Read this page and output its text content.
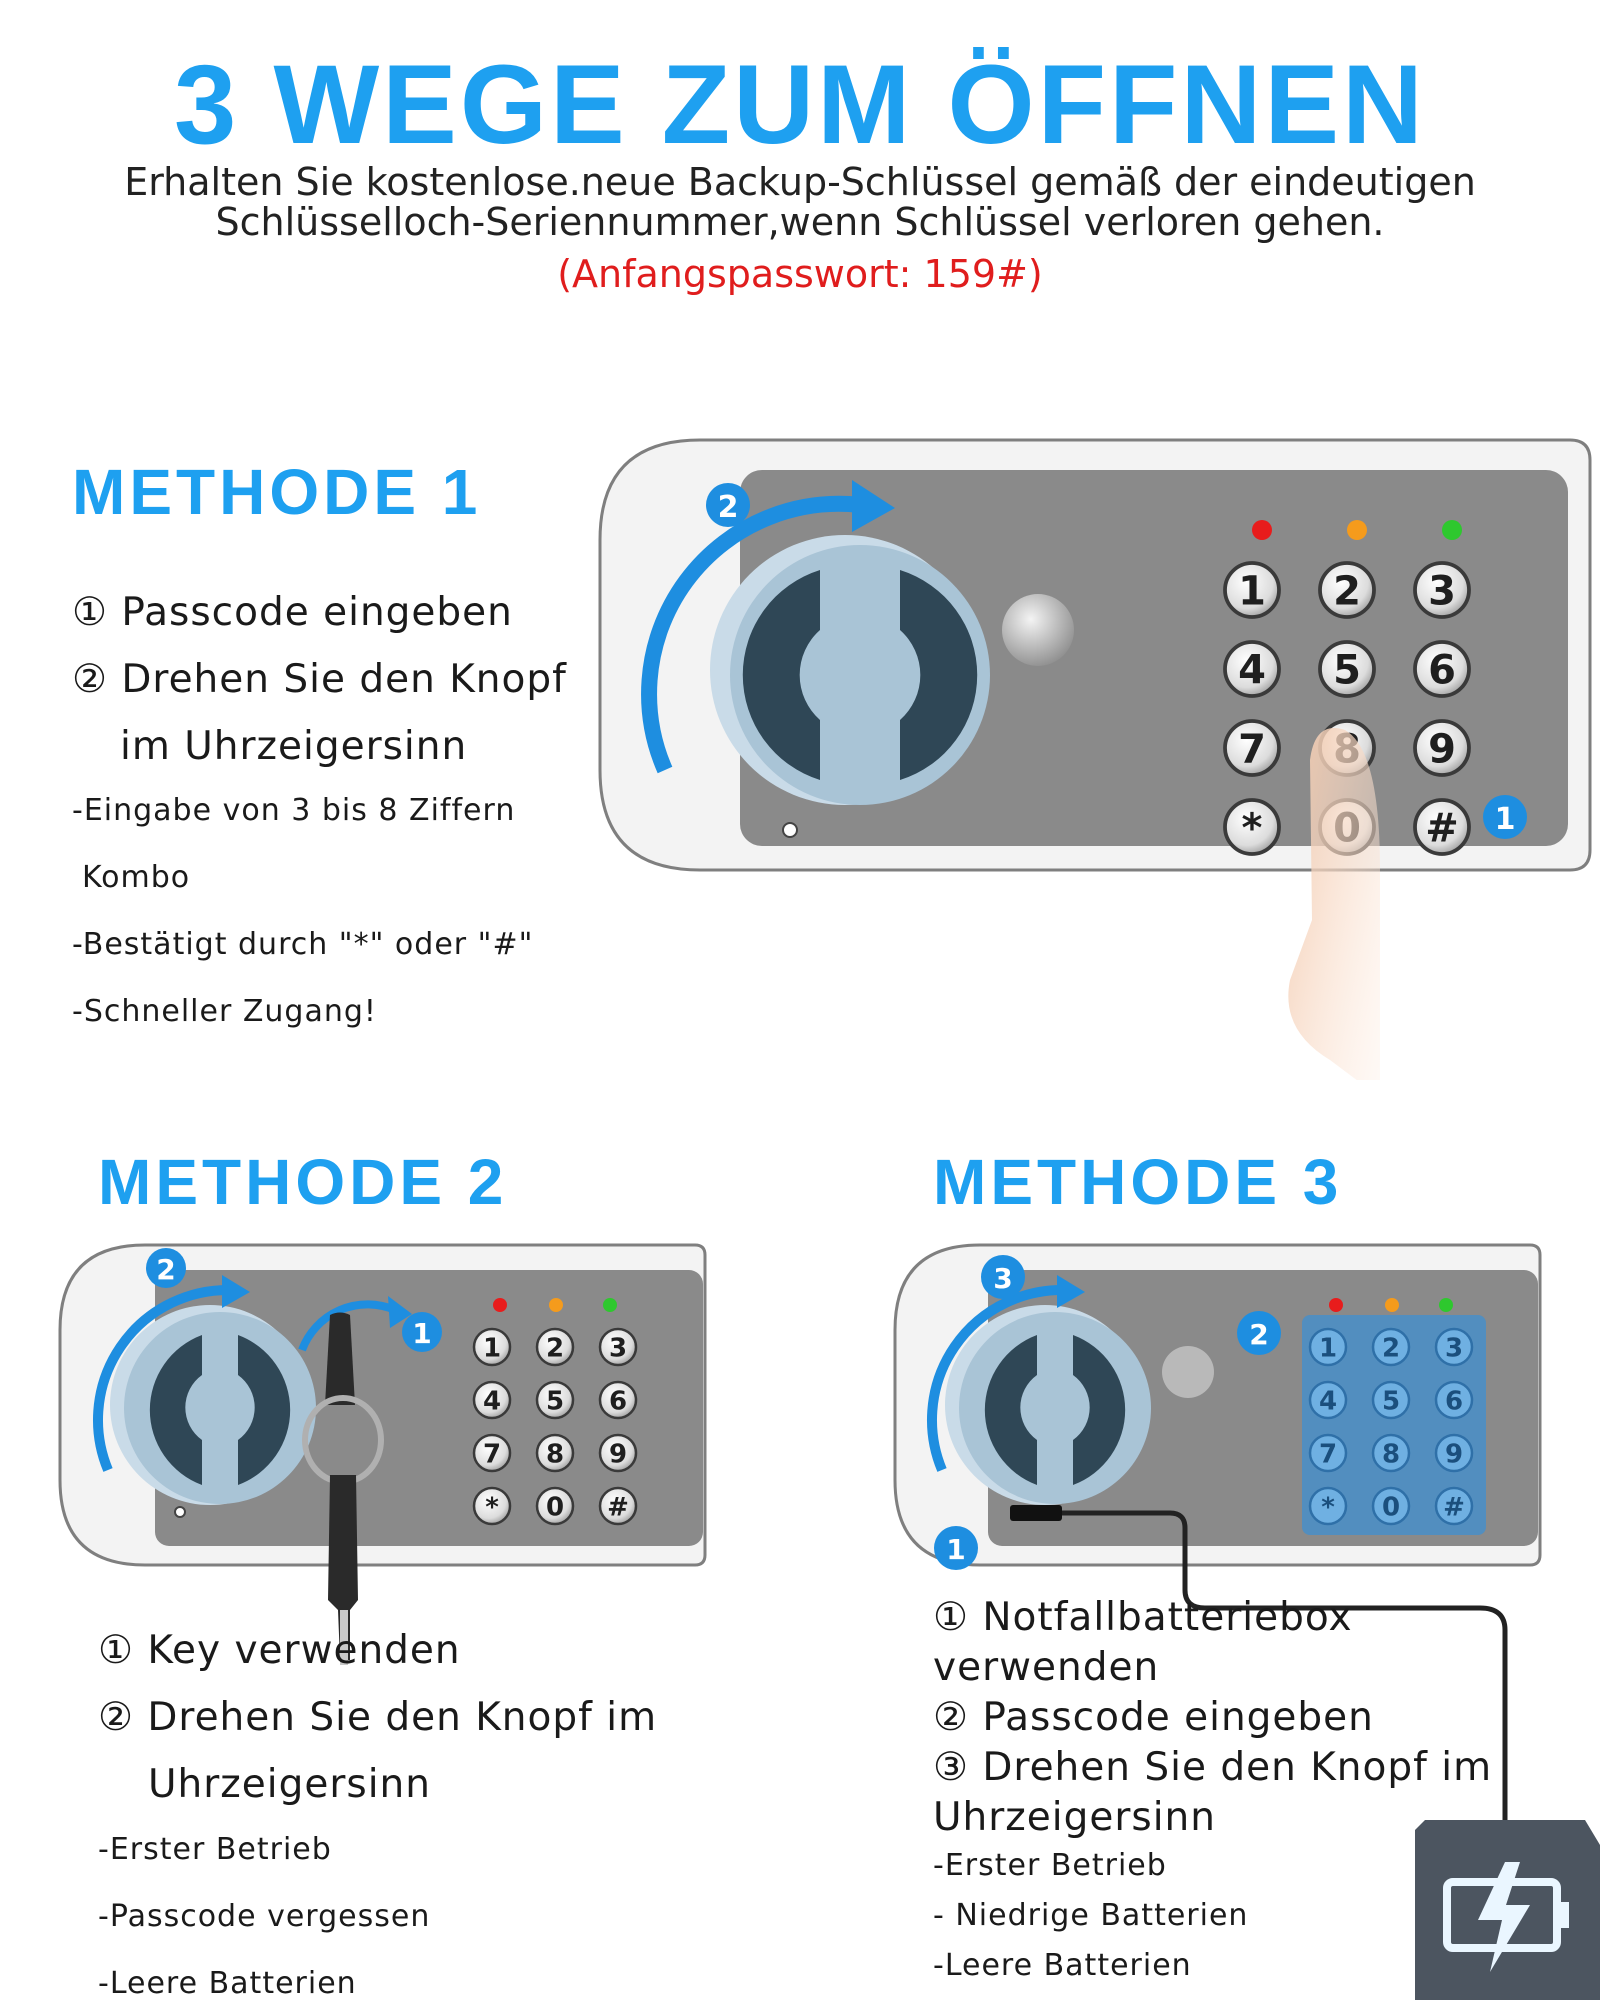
3 WEGE ZUM ÖFFNEN
Erhalten Sie kostenlose.neue Backup-Schlüssel gemäß der eindeutigen
Schlüsselloch-Seriennummer,wenn Schlüssel verloren gehen.
(Anfangspasswort: 159#)
METHODE 1
① Passcode eingeben
② Drehen Sie den Knopf
im Uhrzeigersinn
-Eingabe von 3 bis 8 Ziffern
Kombo
-Bestätigt durch "*" oder "#"
-Schneller Zugang!
1 2 3
4 5 6
7	9
*	# 1
2
METHODE 2
1 2 3
4 5 6
7 8 9
* 0 #
1
2
① Key verwenden
② Drehen Sie den Knopf im
Uhrzeigersinn
-Erster Betrieb
-Passcode vergessen
-Leere Batterien
METHODE 3
1 2 3
4 5 6
7 8 9
* 0 #
1
2
3
① Notfallbatteriebox
verwenden
② Passcode eingeben
③ Drehen Sie den Knopf im
Uhrzeigersinn
-Erster Betrieb
- Niedrige Batterien
-Leere Batterien
